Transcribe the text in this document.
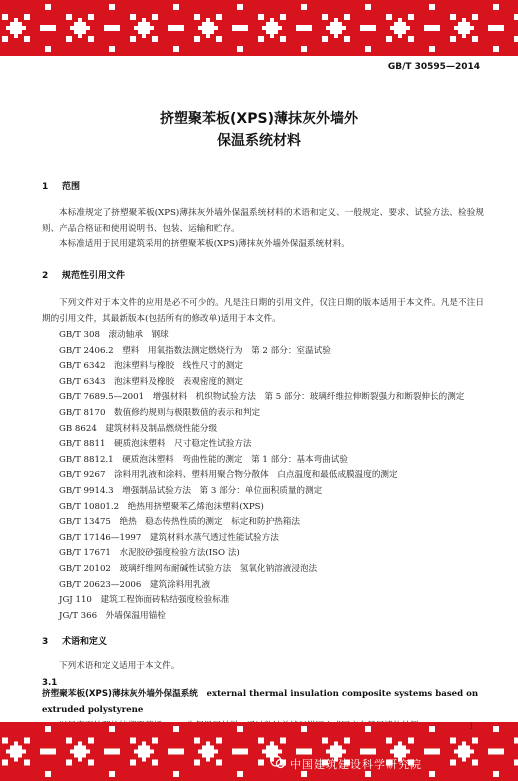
GB/T 30595—2014
挤塑聚苯板(XPS)薄抹灰外墙外
保温系统材料
1 范围
本标准规定了挤塑聚苯板(XPS)薄抹灰外墙外保温系统材料的术语和定义、一般规定、要求、试验方法、检验规则、产品合格证和使用说明书、包装、运输和贮存。
本标准适用于民用建筑采用的挤塑聚苯板(XPS)薄抹灰外墙外保温系统材料。
2 规范性引用文件
下列文件对于本文件的应用是必不可少的。凡是注日期的引用文件，仅注日期的版本适用于本文件。凡是不注日期的引用文件，其最新版本(包括所有的修改单)适用于本文件。
GB/T 308　滚动轴承　钢球
GB/T 2406.2　塑料　用氧指数法测定燃烧行为　第 2 部分：室温试验
GB/T 6342　泡沫塑料与橡胶　线性尺寸的测定
GB/T 6343　泡沫塑料及橡胶　表观密度的测定
GB/T 7689.5—2001　增强材料　机织物试验方法　第 5 部分：玻璃纤维拉伸断裂强力和断裂伸长的测定
GB/T 8170　数值修约规则与极限数值的表示和判定
GB 8624　建筑材料及制品燃烧性能分级
GB/T 8811　硬质泡沫塑料　尺寸稳定性试验方法
GB/T 8812.1　硬质泡沫塑料　弯曲性能的测定　第 1 部分：基本弯曲试验
GB/T 9267　涂料用乳液和涂料、塑料用聚合物分散体　白点温度和最低成膜温度的测定
GB/T 9914.3　增强制品试验方法　第 3 部分：单位面积质量的测定
GB/T 10801.2　绝热用挤塑聚苯乙烯泡沫塑料(XPS)
GB/T 13475　绝热　稳态传热性质的测定　标定和防护热箱法
GB/T 17146—1997　建筑材料水蒸气透过性能试验方法
GB/T 17671　水泥胶砂强度检验方法(ISO 法)
GB/T 20102　玻璃纤维网布耐碱性试验方法　氢氧化钠溶液浸泡法
GB/T 20623—2006　建筑涂料用乳液
JGJ 110　建筑工程饰面砖粘结强度检验标准
JG/T 366　外墙保温用锚栓
3 术语和定义
下列术语和定义适用于本文件。
3.1
挤塑聚苯板(XPS)薄抹灰外墙外保温系统　 external thermal insulation composite systems based on extruded polystyrene
1
中国建筑建设科学研究院
